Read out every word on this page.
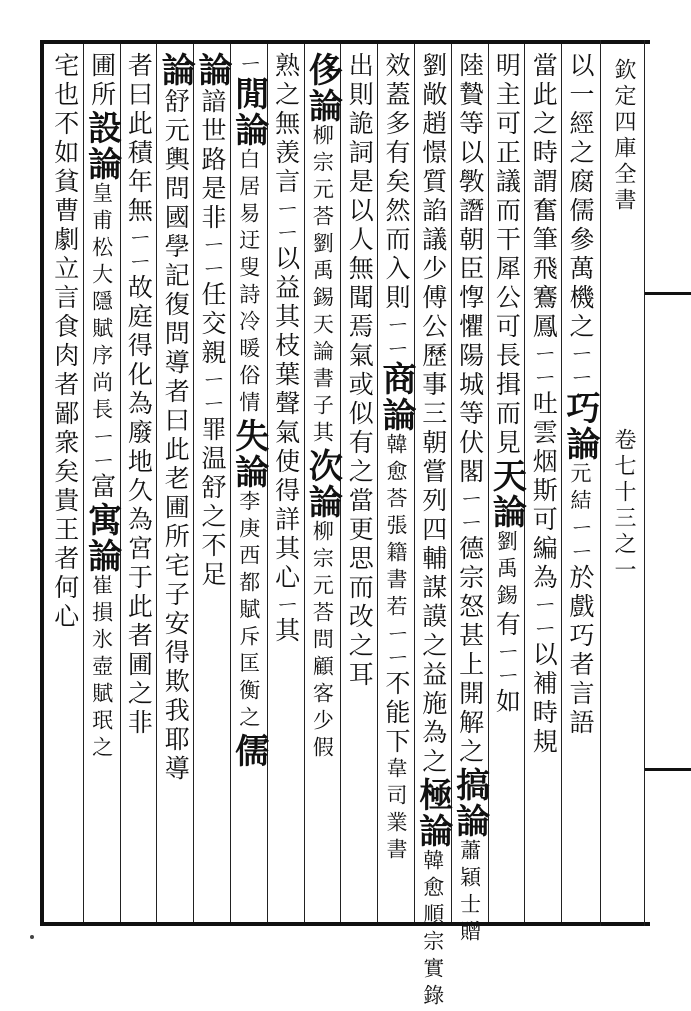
欽定四庫全書
卷七十三之一
以一經之腐儒參萬機之ㄧㄧ巧論元結ㄧㄧ於戲巧者言語
當此之時謂奮筆飛鶱鳳ㄧㄧ吐雲烟斯可編為ㄧㄧ以補時規
明主可正議而干犀公可長揖而見天論劉禹錫有ㄧㄧ如
陸贄等以斆譖朝臣惸懼陽城等伏閣ㄧㄧ德宗怒甚上開解之搞論蕭穎士贈
劉敞趙憬質諂議少傅公歷事三朝嘗列四輔謀謨之益施為之極論韓愈順宗實錄
效蓋多有矣然而入則ㄧㄧ商論韓愈荅張籍書若ㄧㄧ不能下韋司業書
出則詭詞是以人無聞焉氣或似有之當更思而改之耳
侈論柳宗元荅劉禹錫天論書子其次論柳宗元荅問顧客少假
熟之無羡言ㄧㄧ以益其枝葉聲氣使得詳其心ㄧ其
ㄧ閒論白居易迂叟詩冷暖俗情失論李庚西都賦斥匡衡之儒
論諳世路是非ㄧㄧ任交親ㄧㄧ罪温舒之不足
論舒元輿問國學記復問導者曰此老圃所宅子安得欺我耶導
者曰此積年無ㄧㄧ故庭得化為廢地久為宮于此者圃之非
圃所設論皇甫松大隱賦序尚長ㄧㄧ富寓論崔損氷壺賦珉之
宅也不如貧曹劇立言食肉者鄙衆矣貴王者何心
